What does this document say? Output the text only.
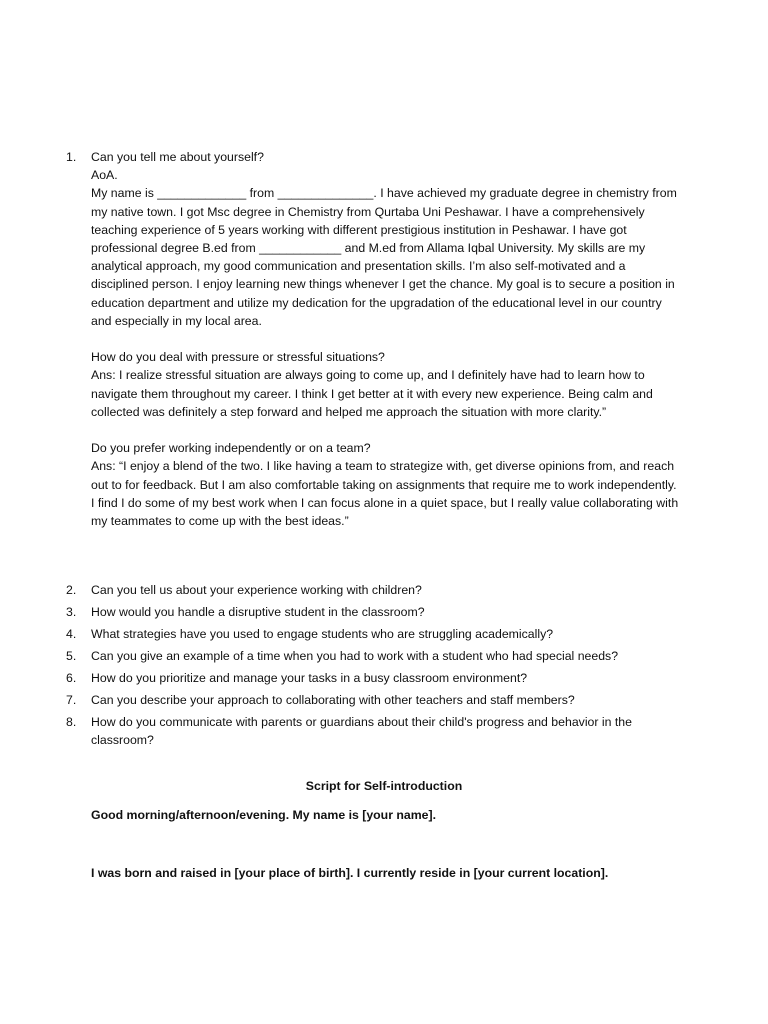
1.	Can you tell me about yourself?

AoA.

My name is _____________ from ______________. I have achieved my graduate degree in chemistry from my native town. I got Msc degree in Chemistry from Qurtaba Uni Peshawar. I have a comprehensively teaching experience of 5 years working with different prestigious institution in Peshawar. I have got professional degree B.ed from ____________ and M.ed from Allama Iqbal University. My skills are my analytical approach, my good communication and presentation skills. I’m also self-motivated and a disciplined person. I enjoy learning new things whenever I get the chance. My goal is to secure a position in education department and utilize my dedication for the upgradation of the educational level in our country and especially in my local area.

How do you deal with pressure or stressful situations?

Ans: I realize stressful situation are always going to come up, and I definitely have had to learn how to navigate them throughout my career. I think I get better at it with every new experience. Being calm and collected was definitely a step forward and helped me approach the situation with more clarity.”

Do you prefer working independently or on a team?

Ans: “I enjoy a blend of the two. I like having a team to strategize with, get diverse opinions from, and reach out to for feedback. But I am also comfortable taking on assignments that require me to work independently. I find I do some of my best work when I can focus alone in a quiet space, but I really value collaborating with my teammates to come up with the best ideas.”

2.	Can you tell us about your experience working with children?
3.	How would you handle a disruptive student in the classroom?
4.	What strategies have you used to engage students who are struggling academically?
5.	Can you give an example of a time when you had to work with a student who had special needs?
6.	How do you prioritize and manage your tasks in a busy classroom environment?
7.	Can you describe your approach to collaborating with other teachers and staff members?
8.	How do you communicate with parents or guardians about their child's progress and behavior in the classroom?
Script for Self-introduction
Good morning/afternoon/evening. My name is [your name].
I was born and raised in [your place of birth]. I currently reside in [your current location].
